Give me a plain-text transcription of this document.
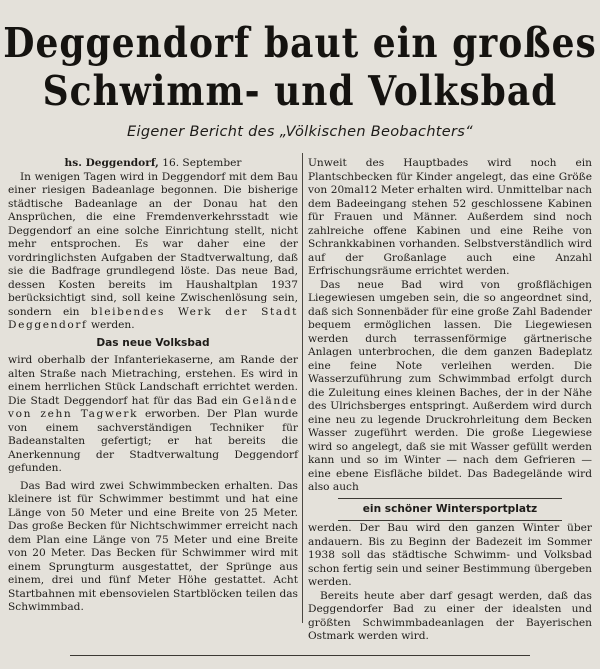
Deggendorf baut ein großes
Schwimm- und Volksbad
Eigener Bericht des „Völkischen Beobachters“

hs. Deggendorf, 16. September

In wenigen Tagen wird in Deggendorf mit dem Bau einer riesigen Badeanlage begonnen. Die bisherige städtische Badeanlage an der Donau hat den Ansprüchen, die eine Fremdenverkehrsstadt wie Deggendorf an eine solche Einrichtung stellt, nicht mehr entsprochen. Es war daher eine der vordringlichsten Aufgaben der Stadtverwaltung, daß sie die Badfrage grundlegend löste. Das neue Bad, dessen Kosten bereits im Haushaltplan 1937 berücksichtigt sind, soll keine Zwischenlösung sein, sondern ein bleibendes Werk der Stadt Deggendorf werden.

Das neue Volksbad

wird oberhalb der Infanteriekaserne, am Rande der alten Straße nach Mietraching, erstehen. Es wird in einem herrlichen Stück Landschaft errichtet werden. Die Stadt Deggendorf hat für das Bad ein Gelände von zehn Tagwerk erworben. Der Plan wurde von einem sachverständigen Techniker für Badeanstalten gefertigt; er hat bereits die Anerkennung der Stadtverwaltung Deggendorf gefunden.

Das Bad wird zwei Schwimmbecken erhalten. Das kleinere ist für Schwimmer bestimmt und hat eine Länge von 50 Meter und eine Breite von 25 Meter. Das große Becken für Nichtschwimmer erreicht nach dem Plan eine Länge von 75 Meter und eine Breite von 20 Meter. Das Becken für Schwimmer wird mit einem Sprungturm ausgestattet, der Sprünge aus einem, drei und fünf Meter Höhe gestattet. Acht Startbahnen mit ebensovielen Startblöcken teilen das Schwimmbad.

Unweit des Hauptbades wird noch ein Plantschbecken für Kinder angelegt, das eine Größe von 20mal12 Meter erhalten wird. Unmittelbar nach dem Badeeingang stehen 52 geschlossene Kabinen für Frauen und Männer. Außerdem sind noch zahlreiche offene Kabinen und eine Reihe von Schrankkabinen vorhanden. Selbstverständlich wird auf der Großanlage auch eine Anzahl Erfrischungsräume errichtet werden.

Das neue Bad wird von großflächigen Liegewiesen umgeben sein, die so angeordnet sind, daß sich Sonnenbäder für eine große Zahl Badender bequem ermöglichen lassen. Die Liegewiesen werden durch terrassenförmige gärtnerische Anlagen unterbrochen, die dem ganzen Badeplatz eine feine Note verleihen werden. Die Wasserzuführung zum Schwimmbad erfolgt durch die Zuleitung eines kleinen Baches, der in der Nähe des Ulrichsberges entspringt. Außerdem wird durch eine neu zu legende Druckrohrleitung dem Becken Wasser zugeführt werden. Die große Liegewiese wird so angelegt, daß sie mit Wasser gefüllt werden kann und so im Winter — nach dem Gefrieren — eine ebene Eisfläche bildet. Das Badegelände wird also auch

ein schöner Wintersportplatz

werden. Der Bau wird den ganzen Winter über andauern. Bis zu Beginn der Badezeit im Sommer 1938 soll das städtische Schwimm- und Volksbad schon fertig sein und seiner Bestimmung übergeben werden.

Bereits heute aber darf gesagt werden, daß das Deggendorfer Bad zu einer der idealsten und größten Schwimmbadeanlagen der Bayerischen Ostmark werden wird.
